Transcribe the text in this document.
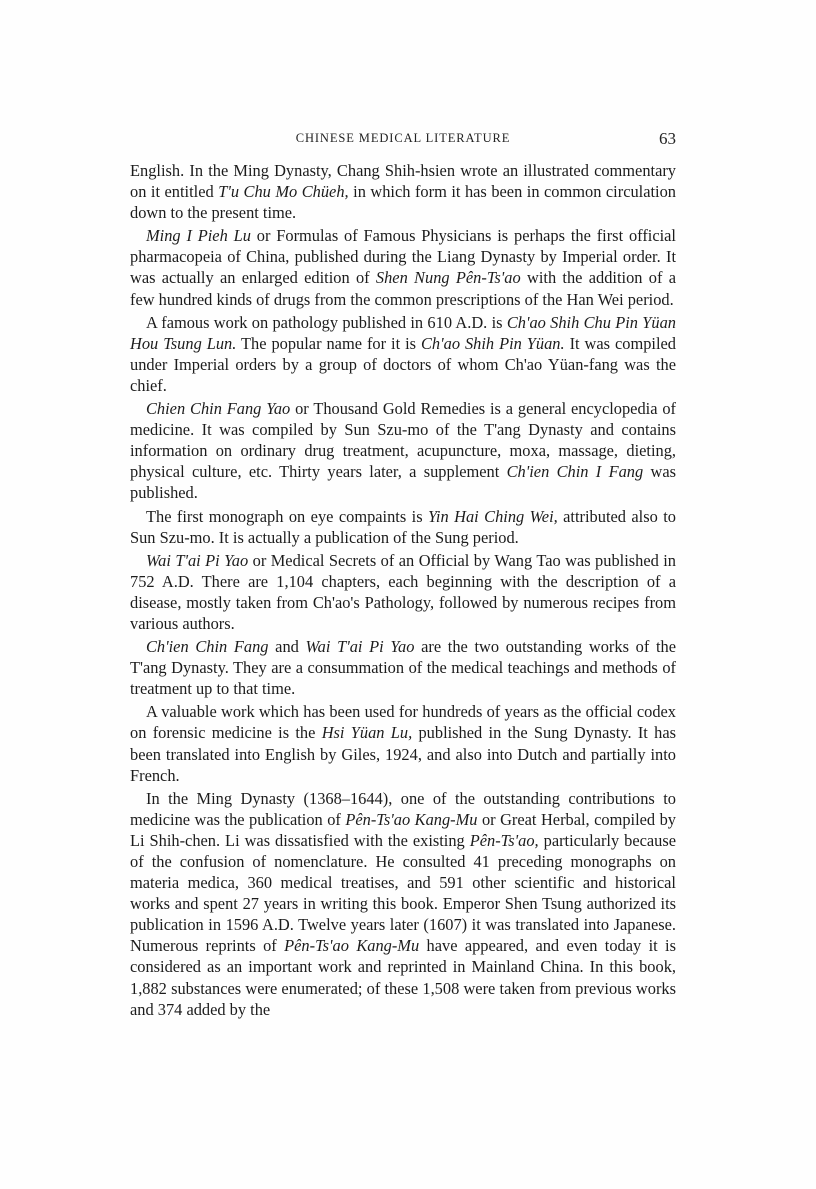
CHINESE MEDICAL LITERATURE	63

English. In the Ming Dynasty, Chang Shih-hsien wrote an illustrated commentary on it entitled T'u Chu Mo Chüeh, in which form it has been in common circulation down to the present time.

Ming I Pieh Lu or Formulas of Famous Physicians is perhaps the first official pharmacopeia of China, published during the Liang Dynasty by Imperial order. It was actually an enlarged edition of Shen Nung Pên-Ts'ao with the addition of a few hundred kinds of drugs from the common prescriptions of the Han Wei period.

A famous work on pathology published in 610 A.D. is Ch'ao Shih Chu Pin Yüan Hou Tsung Lun. The popular name for it is Ch'ao Shih Pin Yüan. It was compiled under Imperial orders by a group of doctors of whom Ch'ao Yüan-fang was the chief.

Chien Chin Fang Yao or Thousand Gold Remedies is a general encyclopedia of medicine. It was compiled by Sun Szu-mo of the T'ang Dynasty and contains information on ordinary drug treatment, acupuncture, moxa, massage, dieting, physical culture, etc. Thirty years later, a supplement Ch'ien Chin I Fang was published.

The first monograph on eye compaints is Yin Hai Ching Wei, attributed also to Sun Szu-mo. It is actually a publication of the Sung period.

Wai T'ai Pi Yao or Medical Secrets of an Official by Wang Tao was published in 752 A.D. There are 1,104 chapters, each beginning with the description of a disease, mostly taken from Ch'ao's Pathology, followed by numerous recipes from various authors.

Ch'ien Chin Fang and Wai T'ai Pi Yao are the two outstanding works of the T'ang Dynasty. They are a consummation of the medical teachings and methods of treatment up to that time.

A valuable work which has been used for hundreds of years as the official codex on forensic medicine is the Hsi Yüan Lu, published in the Sung Dynasty. It has been translated into English by Giles, 1924, and also into Dutch and partially into French.

In the Ming Dynasty (1368–1644), one of the outstanding contributions to medicine was the publication of Pên-Ts'ao Kang-Mu or Great Herbal, compiled by Li Shih-chen. Li was dissatisfied with the existing Pên-Ts'ao, particularly because of the confusion of nomenclature. He consulted 41 preceding monographs on materia medica, 360 medical treatises, and 591 other scientific and historical works and spent 27 years in writing this book. Emperor Shen Tsung authorized its publication in 1596 A.D. Twelve years later (1607) it was translated into Japanese. Numerous reprints of Pên-Ts'ao Kang-Mu have appeared, and even today it is considered as an important work and reprinted in Mainland China. In this book, 1,882 substances were enumerated; of these 1,508 were taken from previous works and 374 added by the
